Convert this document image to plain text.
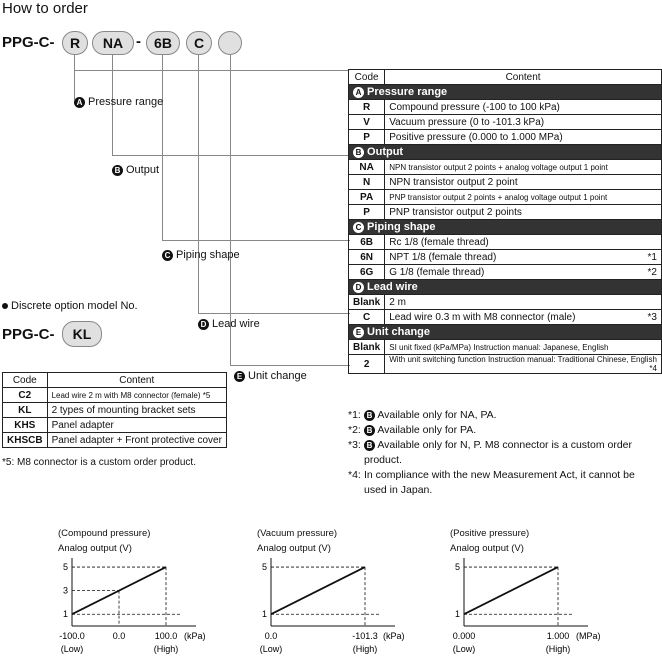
How to order
PPG-C-	R	NA - 6B	C
A Pressure range
B Output
C Piping shape
D Lead wire
E Unit change
Code	Content
A Pressure range	
R	Compound pressure (-100 to 100 kPa)
V	Vacuum pressure (0 to -101.3 kPa)
P	Positive pressure (0.000 to 1.000 MPa)
B Output	
NA	NPN transistor output 2 points + analog voltage output 1 point
N	NPN transistor output 2 point
PA	PNP transistor output 2 points + analog voltage output 1 point
P	PNP transistor output 2 points
C Piping shape	
6B	Rc 1/8 (female thread)
6N	NPT 1/8 (female thread) *1

6G	G 1/8 (female thread) *2

D Lead wire	
Blank	2 m
C	Lead wire 0.3 m with M8 connector (male) *3

E Unit change	
Blank	SI unit fixed (kPa/MPa) Instruction manual: Japanese, English
2	With unit switching function Instruction manual: Traditional Chinese, English
*4
*1: B Available only for NA, PA.
*2: B Available only for PA.
*3: B Available only for N, P. M8 connector is a custom order product.
*4: In compliance with the new Measurement Act, it cannot be used in Japan.
Discrete option model No.
PPG-C-	KL
Code	Content
C2	Lead wire 2 m with M8 connector (female) *5
KL	2 types of mounting bracket sets
KHS	Panel adapter
KHSCB	Panel adapter + Front protective cover
*5: M8 connector is a custom order product.
(Compound pressure)
Analog output (V)
5
3
1
-100.0
(Low)
0.0	100.0
(High)
(kPa)
(Vacuum pressure)
Analog output (V)
5
1
0.0
(Low)
-101.3
(High)
(kPa)
(Positive pressure)
Analog output (V)
5
1
0.000
(Low)
1.000
(High)
(MPa)
